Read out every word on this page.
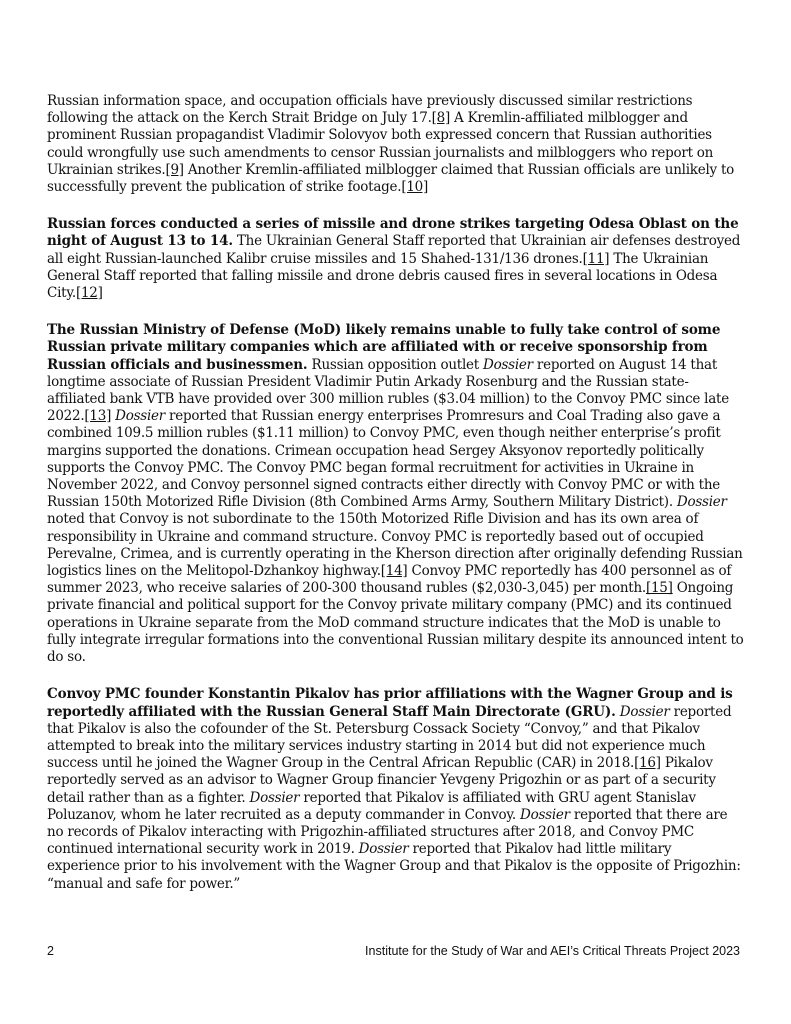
Russian information space, and occupation officials have previously discussed similar restrictions following the attack on the Kerch Strait Bridge on July 17.[8] A Kremlin-affiliated milblogger and prominent Russian propagandist Vladimir Solovyov both expressed concern that Russian authorities could wrongfully use such amendments to censor Russian journalists and milbloggers who report on Ukrainian strikes.[9] Another Kremlin-affiliated milblogger claimed that Russian officials are unlikely to successfully prevent the publication of strike footage.[10]

Russian forces conducted a series of missile and drone strikes targeting Odesa Oblast on the night of August 13 to 14. The Ukrainian General Staff reported that Ukrainian air defenses destroyed all eight Russian-launched Kalibr cruise missiles and 15 Shahed-131/136 drones.[11] The Ukrainian General Staff reported that falling missile and drone debris caused fires in several locations in Odesa City.[12]

The Russian Ministry of Defense (MoD) likely remains unable to fully take control of some Russian private military companies which are affiliated with or receive sponsorship from Russian officials and businessmen. Russian opposition outlet Dossier reported on August 14 that longtime associate of Russian President Vladimir Putin Arkady Rosenburg and the Russian state-affiliated bank VTB have provided over 300 million rubles ($3.04 million) to the Convoy PMC since late 2022.[13] Dossier reported that Russian energy enterprises Promresurs and Coal Trading also gave a combined 109.5 million rubles ($1.11 million) to Convoy PMC, even though neither enterprise’s profit margins supported the donations. Crimean occupation head Sergey Aksyonov reportedly politically supports the Convoy PMC. The Convoy PMC began formal recruitment for activities in Ukraine in November 2022, and Convoy personnel signed contracts either directly with Convoy PMC or with the Russian 150th Motorized Rifle Division (8th Combined Arms Army, Southern Military District). Dossier noted that Convoy is not subordinate to the 150th Motorized Rifle Division and has its own area of responsibility in Ukraine and command structure. Convoy PMC is reportedly based out of occupied Perevalne, Crimea, and is currently operating in the Kherson direction after originally defending Russian logistics lines on the Melitopol-Dzhankoy highway.[14] Convoy PMC reportedly has 400 personnel as of summer 2023, who receive salaries of 200-300 thousand rubles ($2,030-3,045) per month.[15] Ongoing private financial and political support for the Convoy private military company (PMC) and its continued operations in Ukraine separate from the MoD command structure indicates that the MoD is unable to fully integrate irregular formations into the conventional Russian military despite its announced intent to do so.

Convoy PMC founder Konstantin Pikalov has prior affiliations with the Wagner Group and is reportedly affiliated with the Russian General Staff Main Directorate (GRU). Dossier reported that Pikalov is also the cofounder of the St. Petersburg Cossack Society “Convoy,” and that Pikalov attempted to break into the military services industry starting in 2014 but did not experience much success until he joined the Wagner Group in the Central African Republic (CAR) in 2018.[16] Pikalov reportedly served as an advisor to Wagner Group financier Yevgeny Prigozhin or as part of a security detail rather than as a fighter. Dossier reported that Pikalov is affiliated with GRU agent Stanislav Poluzanov, whom he later recruited as a deputy commander in Convoy. Dossier reported that there are no records of Pikalov interacting with Prigozhin-affiliated structures after 2018, and Convoy PMC continued international security work in 2019. Dossier reported that Pikalov had little military experience prior to his involvement with the Wagner Group and that Pikalov is the opposite of Prigozhin: “manual and safe for power.”

2	Institute for the Study of War and AEI’s Critical Threats Project 2023
